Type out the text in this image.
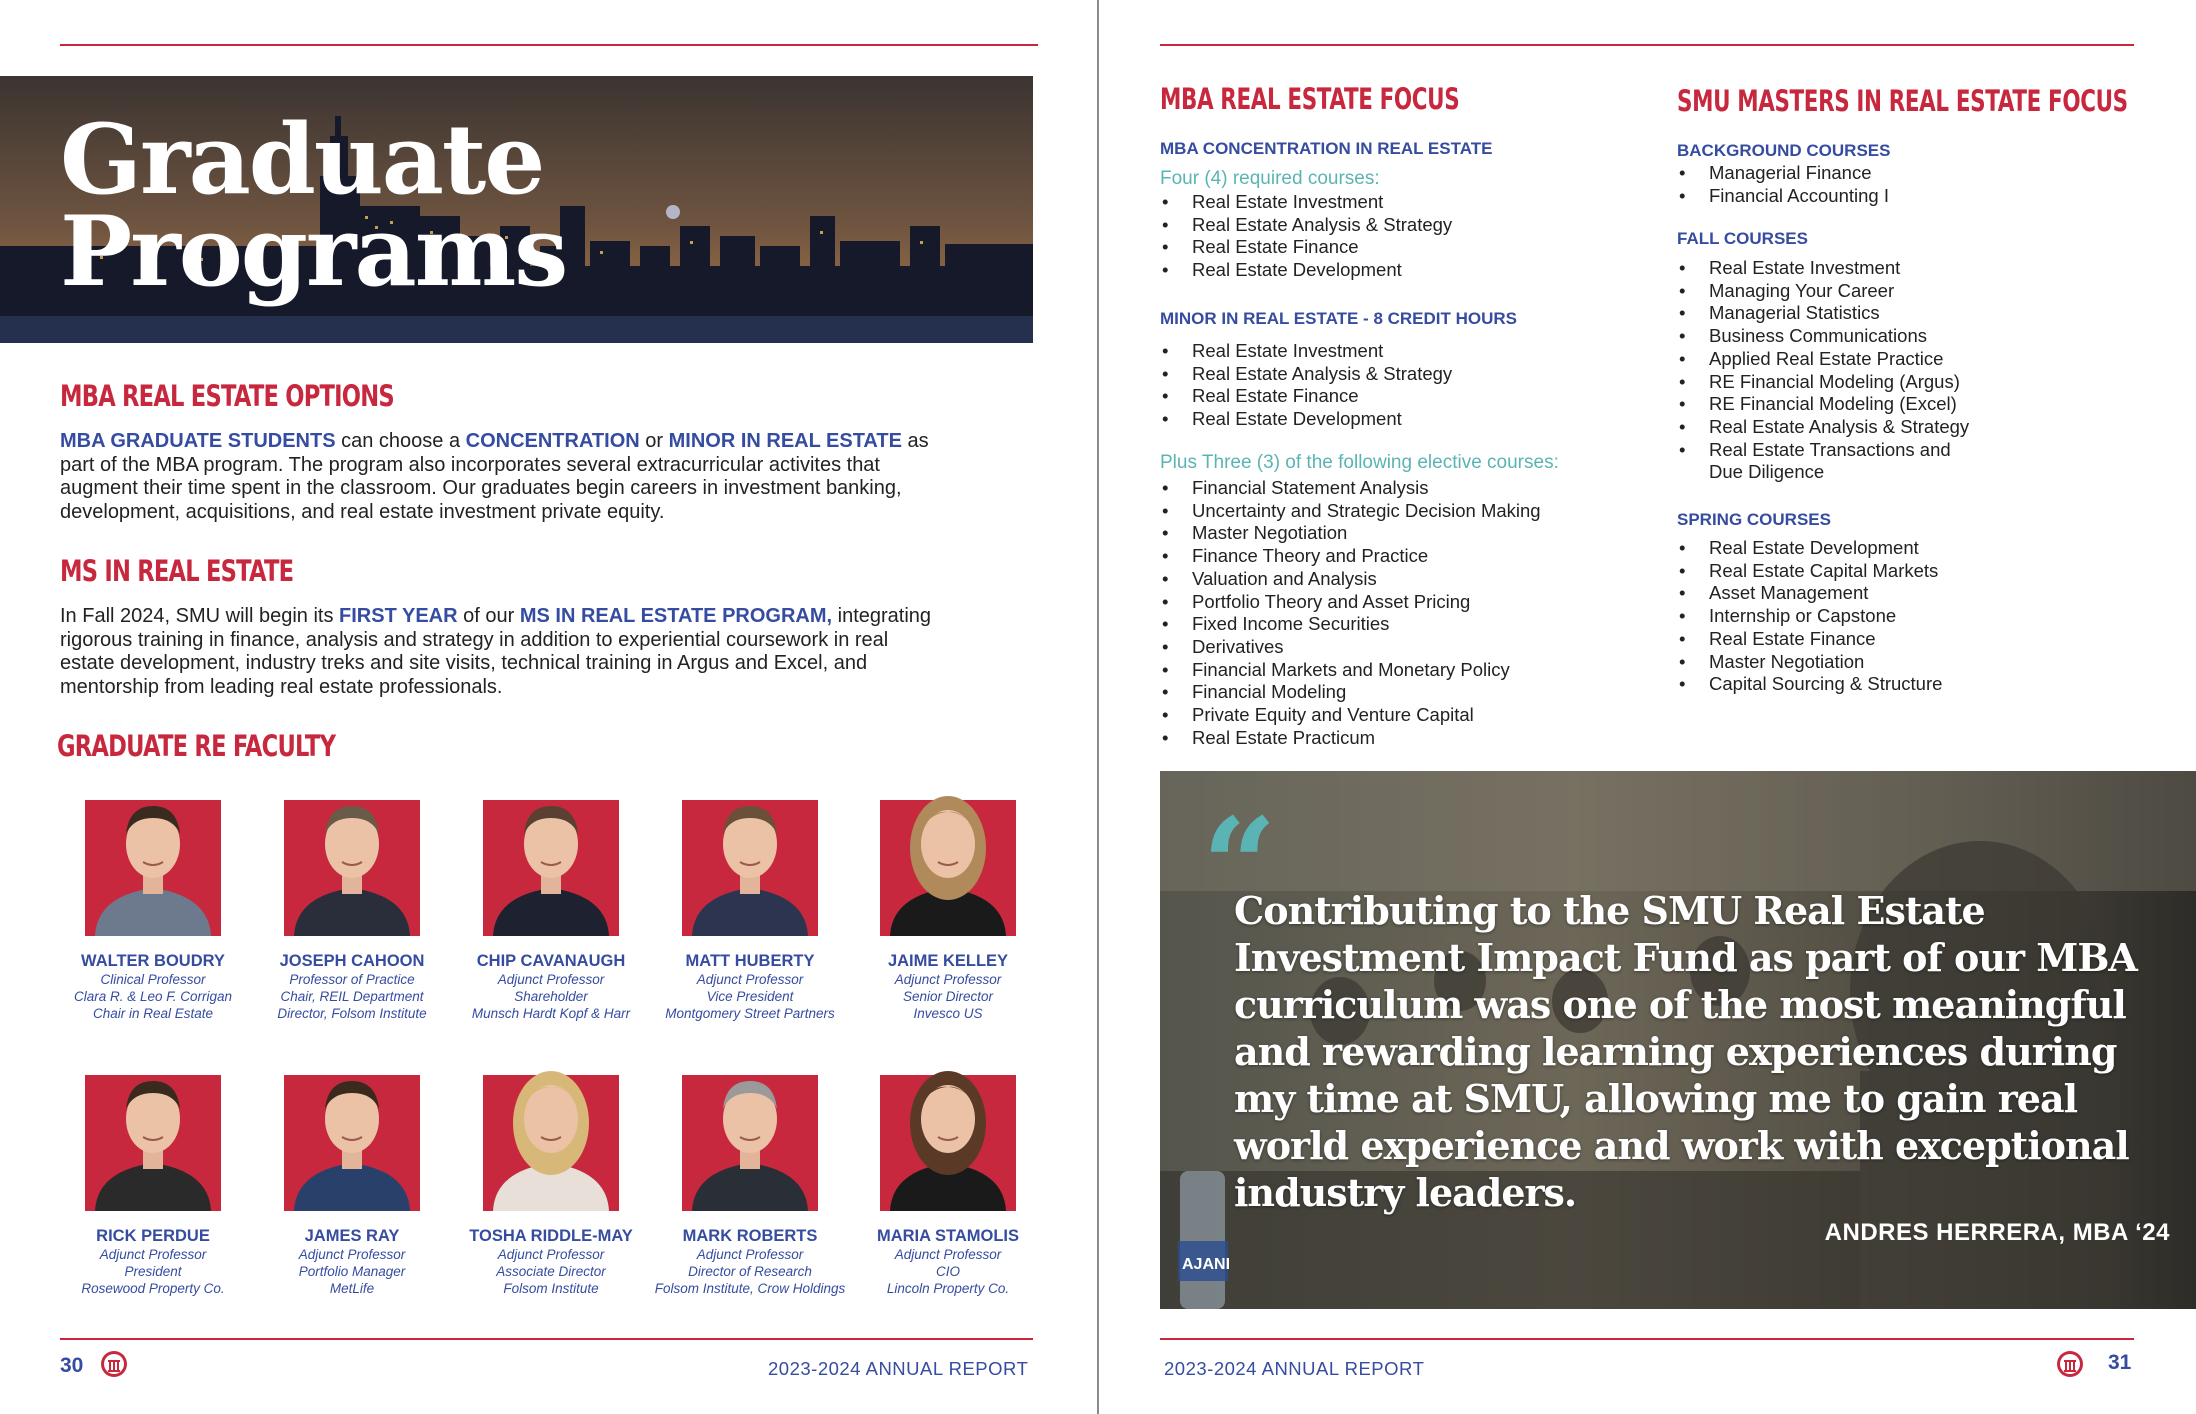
Graduate
Programs
MBA REAL ESTATE OPTIONS
MBA GRADUATE STUDENTS can choose a CONCENTRATION or MINOR IN REAL ESTATE as
part of the MBA program. The program also incorporates several extracurricular activites that
augment their time spent in the classroom. Our graduates begin careers in investment banking,
development, acquisitions, and real estate investment private equity.
MS IN REAL ESTATE
In Fall 2024, SMU will begin its FIRST YEAR of our MS IN REAL ESTATE PROGRAM, integrating
rigorous training in finance, analysis and strategy in addition to experiential coursework in real
estate development, industry treks and site visits, technical training in Argus and Excel, and
mentorship from leading real estate professionals.
GRADUATE RE FACULTY
WALTER BOUDRY
Clinical Professor
Clara R. & Leo F. Corrigan
Chair in Real Estate
JOSEPH CAHOON
Professor of Practice
Chair, REIL Department
Director, Folsom Institute
CHIP CAVANAUGH
Adjunct Professor
Shareholder
Munsch Hardt Kopf & Harr
MATT HUBERTY
Adjunct Professor
Vice President
Montgomery Street Partners
JAIME KELLEY
Adjunct Professor
Senior Director
Invesco US
RICK PERDUE
Adjunct Professor
President
Rosewood Property Co.
JAMES RAY
Adjunct Professor
Portfolio Manager
MetLife
TOSHA RIDDLE-MAY
Adjunct Professor
Associate Director
Folsom Institute
MARK ROBERTS
Adjunct Professor
Director of Research
Folsom Institute, Crow Holdings
MARIA STAMOLIS
Adjunct Professor
CIO
Lincoln Property Co.
30	2023-2024 ANNUAL REPORT
MBA REAL ESTATE FOCUS
MBA CONCENTRATION IN REAL ESTATE
Four (4) required courses:
• Real Estate Investment
• Real Estate Analysis & Strategy
• Real Estate Finance
• Real Estate Development
MINOR IN REAL ESTATE - 8 CREDIT HOURS
• Real Estate Investment
• Real Estate Analysis & Strategy
• Real Estate Finance
• Real Estate Development
Plus Three (3) of the following elective courses:
• Financial Statement Analysis
• Uncertainty and Strategic Decision Making
• Master Negotiation
• Finance Theory and Practice
• Valuation and Analysis
• Portfolio Theory and Asset Pricing
• Fixed Income Securities
• Derivatives
• Financial Markets and Monetary Policy
• Financial Modeling
• Private Equity and Venture Capital
• Real Estate Practicum
SMU MASTERS IN REAL ESTATE FOCUS
BACKGROUND COURSES
• Managerial Finance
• Financial Accounting I
FALL COURSES
• Real Estate Investment
• Managing Your Career
• Managerial Statistics
• Business Communications
• Applied Real Estate Practice
• RE Financial Modeling (Argus)
• RE Financial Modeling (Excel)
• Real Estate Analysis & Strategy
• Real Estate Transactions and
Due Diligence
SPRING COURSES
• Real Estate Development
• Real Estate Capital Markets
• Asset Management
• Internship or Capstone
• Real Estate Finance
• Master Negotiation
• Capital Sourcing & Structure
AJANI
“
Contributing to the SMU Real Estate Investment Impact Fund as part of our MBA curriculum was one of the most meaningful and rewarding learning experiences during my time at SMU, allowing me to gain real world experience and work with exceptional industry leaders.
ANDRES HERRERA, MBA ‘24
2023-2024 ANNUAL REPORT	31
